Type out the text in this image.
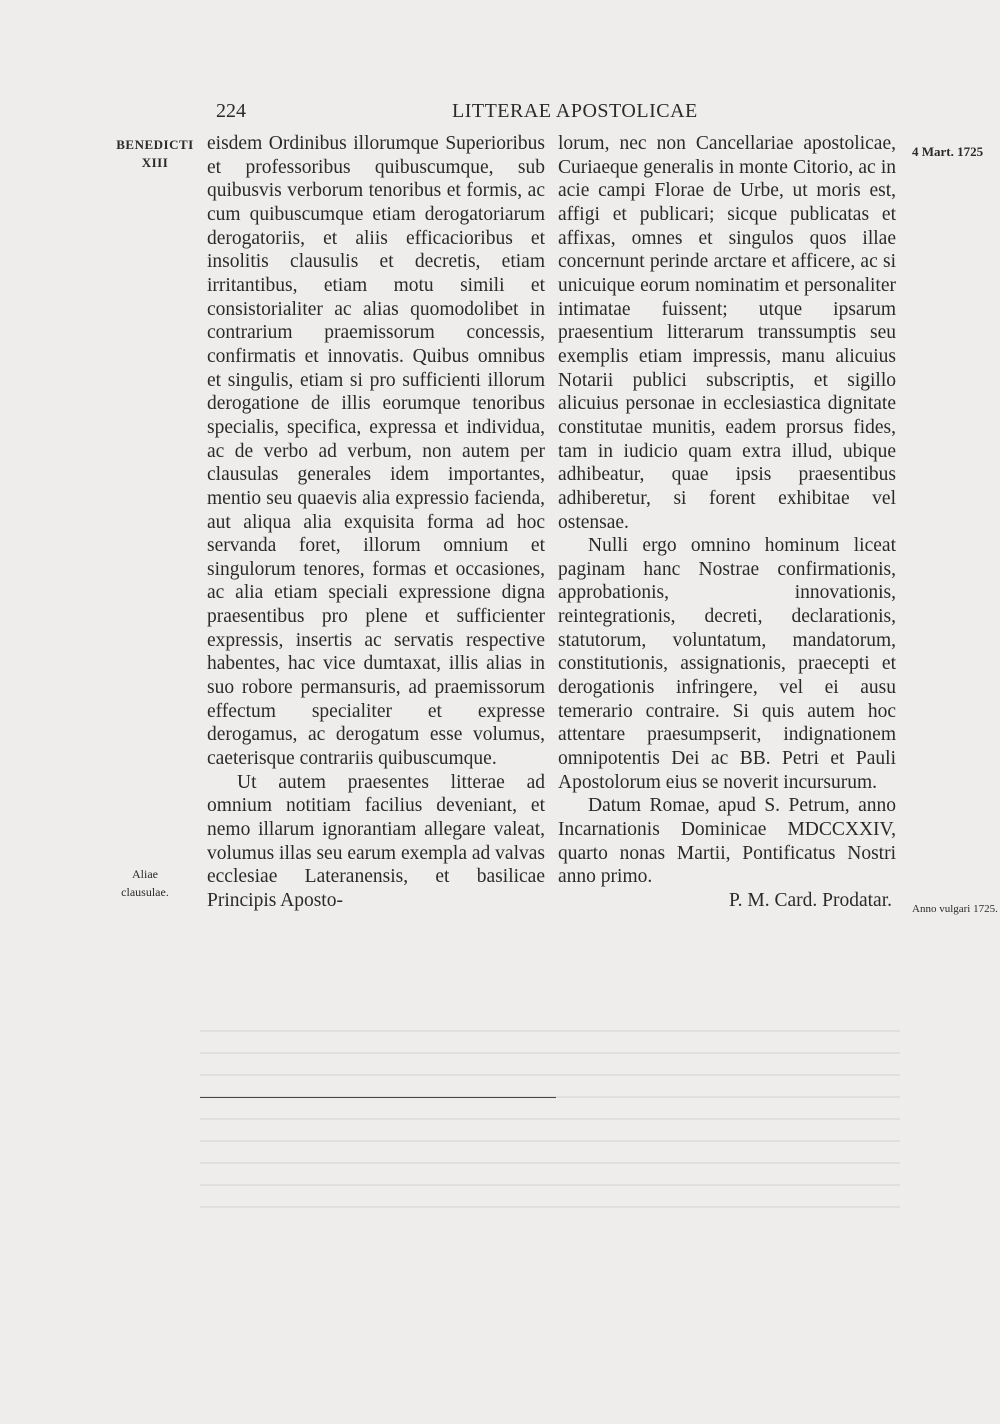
224	LITTERAE APOSTOLICAE
BENEDICTI XIII
Aliae clausulae.
4 Mart. 1725
Anno vulgari 1725.

eisdem Ordinibus illorumque Superioribus et professoribus quibuscumque, sub quibusvis verborum tenoribus et formis, ac cum quibuscumque etiam derogatoriarum derogatoriis, et aliis efficacioribus et insolitis clausulis et decretis, etiam irritantibus, etiam motu simili et consistorialiter ac alias quomodolibet in contrarium praemissorum concessis, confirmatis et innovatis. Quibus omnibus et singulis, etiam si pro sufficienti illorum derogatione de illis eorumque tenoribus specialis, specifica, expressa et individua, ac de verbo ad verbum, non autem per clausulas generales idem importantes, mentio seu quaevis alia expressio facienda, aut aliqua alia exquisita forma ad hoc servanda foret, illorum omnium et singulorum tenores, formas et occasiones, ac alia etiam speciali expressione digna praesentibus pro plene et sufficienter expressis, insertis ac servatis respective habentes, hac vice dumtaxat, illis alias in suo robore permansuris, ad praemissorum effectum specialiter et expresse derogamus, ac derogatum esse volumus, caeterisque contrariis quibuscumque.

Ut autem praesentes litterae ad omnium notitiam facilius deveniant, et nemo illarum ignorantiam allegare valeat, volumus illas seu earum exempla ad valvas ecclesiae Lateranensis, et basilicae Principis Aposto-

lorum, nec non Cancellariae apostolicae, Curiaeque generalis in monte Citorio, ac in acie campi Florae de Urbe, ut moris est, affigi et publicari; sicque publicatas et affixas, omnes et singulos quos illae concernunt perinde arctare et afficere, ac si unicuique eorum nominatim et personaliter intimatae fuissent; utque ipsarum praesentium litterarum transsumptis seu exemplis etiam impressis, manu alicuius Notarii publici subscriptis, et sigillo alicuius personae in ecclesiastica dignitate constitutae munitis, eadem prorsus fides, tam in iudicio quam extra illud, ubique adhibeatur, quae ipsis praesentibus adhiberetur, si forent exhibitae vel ostensae.

Nulli ergo omnino hominum liceat paginam hanc Nostrae confirmationis, approbationis, innovationis, reintegrationis, decreti, declarationis, statutorum, voluntatum, mandatorum, constitutionis, assignationis, praecepti et derogationis infringere, vel ei ausu temerario contraire. Si quis autem hoc attentare praesumpserit, indignationem omnipotentis Dei ac BB. Petri et Pauli Apostolorum eius se noverit incursurum.

Datum Romae, apud S. Petrum, anno Incarnationis Dominicae MDCCXXIV, quarto nonas Martii, Pontificatus Nostri anno primo.

P. M. Card. Prodatar.
